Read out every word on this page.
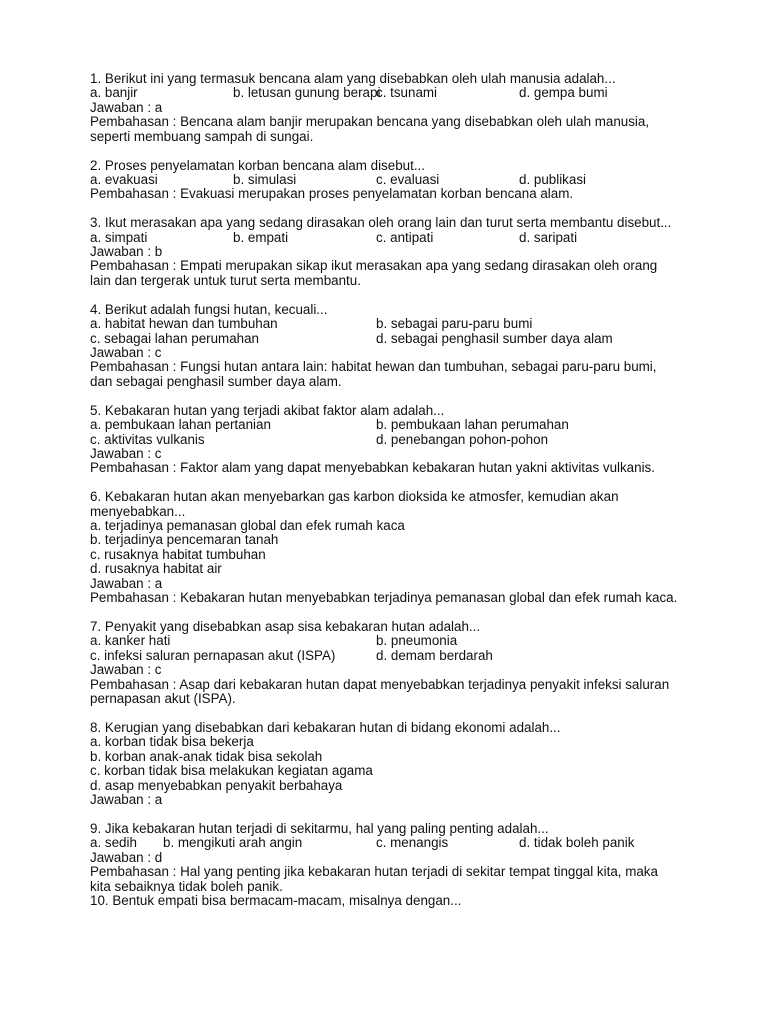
1. Berikut ini yang termasuk bencana alam yang disebabkan oleh ulah manusia adalah...
a. banjir	b. letusan gunung berapi
c. tsunami	d. gempa bumi
Jawaban : a
Pembahasan : Bencana alam banjir merupakan bencana yang disebabkan oleh ulah manusia, seperti membuang sampah di sungai.
2. Proses penyelamatan korban bencana alam disebut...
a. evakuasi	b. simulasi	c. evaluasi	d. publikasi
Pembahasan : Evakuasi merupakan proses penyelamatan korban bencana alam.
3. Ikut merasakan apa yang sedang dirasakan oleh orang lain dan turut serta membantu disebut...
a. simpati	b. empati	c. antipati	d. saripati
Jawaban : b
Pembahasan : Empati merupakan sikap ikut merasakan apa yang sedang dirasakan oleh orang lain dan tergerak untuk turut serta membantu.
4. Berikut adalah fungsi hutan, kecuali...
a. habitat hewan dan tumbuhan	b. sebagai paru-paru bumi
c. sebagai lahan perumahan	d. sebagai penghasil sumber daya alam
Jawaban : c
Pembahasan : Fungsi hutan antara lain: habitat hewan dan tumbuhan, sebagai paru-paru bumi, dan sebagai penghasil sumber daya alam.
5. Kebakaran hutan yang terjadi akibat faktor alam adalah...
a. pembukaan lahan pertanian	b. pembukaan lahan perumahan
c. aktivitas vulkanis	d. penebangan pohon-pohon
Jawaban : c
Pembahasan : Faktor alam yang dapat menyebabkan kebakaran hutan yakni aktivitas vulkanis.
6. Kebakaran hutan akan menyebarkan gas karbon dioksida ke atmosfer, kemudian akan menyebabkan...
a. terjadinya pemanasan global dan efek rumah kaca
b. terjadinya pencemaran tanah
c. rusaknya habitat tumbuhan
d. rusaknya habitat air
Jawaban : a
Pembahasan : Kebakaran hutan menyebabkan terjadinya pemanasan global dan efek rumah kaca.
7. Penyakit yang disebabkan asap sisa kebakaran hutan adalah...
a. kanker hati	b. pneumonia
c. infeksi saluran pernapasan akut (ISPA)	d. demam berdarah
Jawaban : c
Pembahasan : Asap dari kebakaran hutan dapat menyebabkan terjadinya penyakit infeksi saluran pernapasan akut (ISPA).
8. Kerugian yang disebabkan dari kebakaran hutan di bidang ekonomi adalah...
a. korban tidak bisa bekerja
b. korban anak-anak tidak bisa sekolah
c. korban tidak bisa melakukan kegiatan agama
d. asap menyebabkan penyakit berbahaya
Jawaban : a
9. Jika kebakaran hutan terjadi di sekitarmu, hal yang paling penting adalah...
a. sedih	b. mengikuti arah angin	c. menangis	d. tidak boleh panik
Jawaban : d
Pembahasan : Hal yang penting jika kebakaran hutan terjadi di sekitar tempat tinggal kita, maka kita sebaiknya tidak boleh panik.
10. Bentuk empati bisa bermacam-macam, misalnya dengan...
